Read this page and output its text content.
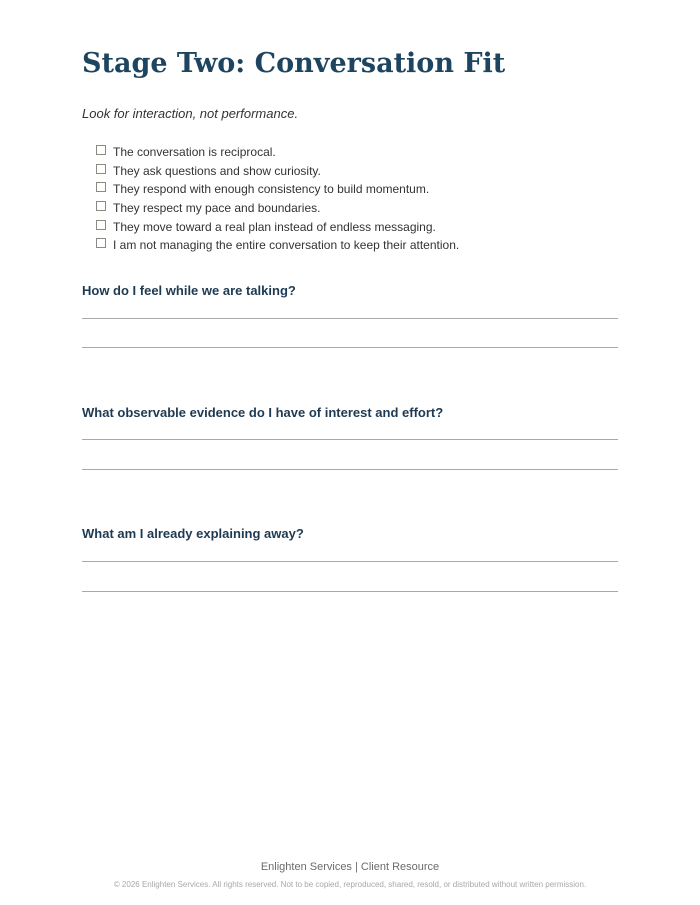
Stage Two: Conversation Fit
Look for interaction, not performance.
The conversation is reciprocal.
They ask questions and show curiosity.
They respond with enough consistency to build momentum.
They respect my pace and boundaries.
They move toward a real plan instead of endless messaging.
I am not managing the entire conversation to keep their attention.
How do I feel while we are talking?
What observable evidence do I have of interest and effort?
What am I already explaining away?
Enlighten Services | Client Resource
© 2026 Enlighten Services. All rights reserved. Not to be copied, reproduced, shared, resold, or distributed without written permission.
